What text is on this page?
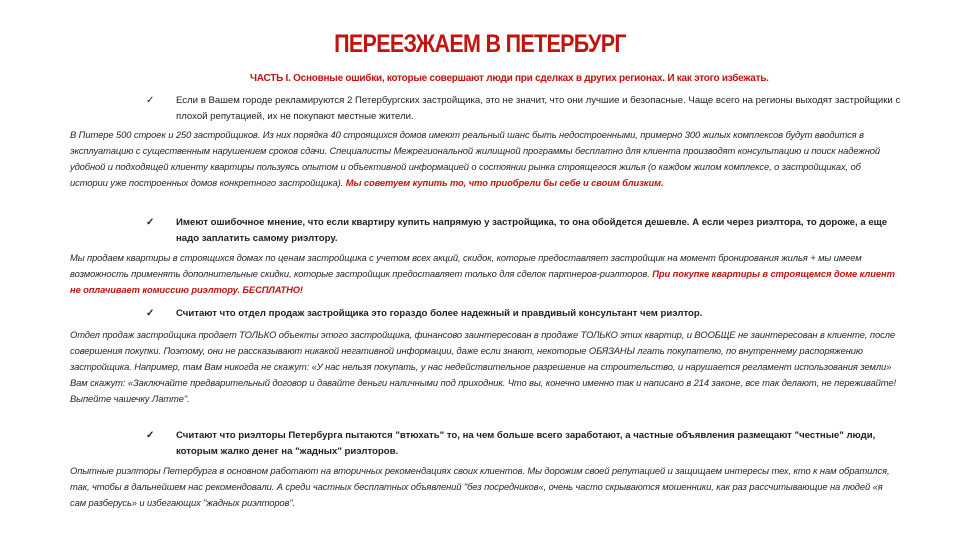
ПЕРЕЕЗЖАЕМ В ПЕТЕРБУРГ
ЧАСТЬ I. Основные ошибки, которые совершают люди при сделках в других регионах. И как этого избежать.
✓ Если в Вашем городе рекламируются 2 Петербургских застройщика, это не значит, что они лучшие и безопасные. Чаще всего на регионы выходят застройщики с плохой репутацией, их не покупают местные жители.
В Питере 500 строек и 250 застройщиков. Из них порядка 40 строящихся домов имеют реальный шанс быть недостроенными, примерно 300 жилых комплексов будут вводится в эксплуатацию с существенным нарушением сроков сдачи. Специалисты Межрегиональной жилищной программы бесплатно для клиента производят консультацию и поиск надежной удобной и подходящей клиенту квартиры пользуясь опытом и объективной информацией о состоянии рынка строящегося жилья (о каждом жилом комплексе, о застройщиках, об истории уже построенных домов конкретного застройщика). Мы советуем купить то, что приобрели бы себе и своим близким.
✓ Имеют ошибочное мнение, что если квартиру купить напрямую у застройщика, то она обойдется дешевле. А если через риэлтора, то дороже, а еще надо заплатить самому риэлтору.
Мы продаем квартиры в строящихся домах по ценам застройщика с учетом всех акций, скидок, которые предоставляет застройщик на момент бронирования жилья + мы имеем возможность применять дополнительные скидки, которые застройщик предоставляет только для сделок партнеров-риэлторов. При покупке квартиры в строящемся доме клиент не оплачивает комиссию риэлтору. БЕСПЛАТНО!
✓ Считают что отдел продаж застройщика это гораздо более надежный и правдивый консультант чем риэлтор.
Отдел продаж застройщика продает ТОЛЬКО объекты этого застройщика, финансово заинтересован в продаже ТОЛЬКО этих квартир, и ВООБЩЕ не заинтересован в клиенте, после совершения покупки. Поэтому, они не рассказывают никакой негативной информации, даже если знают, некоторые ОБЯЗАНЫ лгать покупателю, по внутреннему распоряжению застройщика. Например, там Вам никогда не скажут: «У нас нельзя покупать, у нас недействительное разрешение на строительство, и нарушается регламент использования земли» Вам скажут: «Заключайте предварительный договор и давайте деньги наличными под приходник. Что вы, конечно именно так и написано в 214 законе, все так делают, не переживайте! Выпейте чашечку Латте".
✓ Считают что риэлторы Петербурга пытаются "втюхать" то, на чем больше всего заработают, а частные объявления размещают "честные" люди, которым жалко денег на "жадных" риэлторов.
Опытные риэлторы Петербурга в основном работают на вторичных рекомендациях своих клиентов. Мы дорожим своей репутацией и защищаем интересы тех, кто к нам обратился, так, чтобы в дальнейшем нас рекомендовали. А среди частных бесплатных объявлений "без посредников«, очень часто скрываются мошенники, как раз рассчитывающие на людей «я сам разберусь» и избегающих "жадных риэлторов".
